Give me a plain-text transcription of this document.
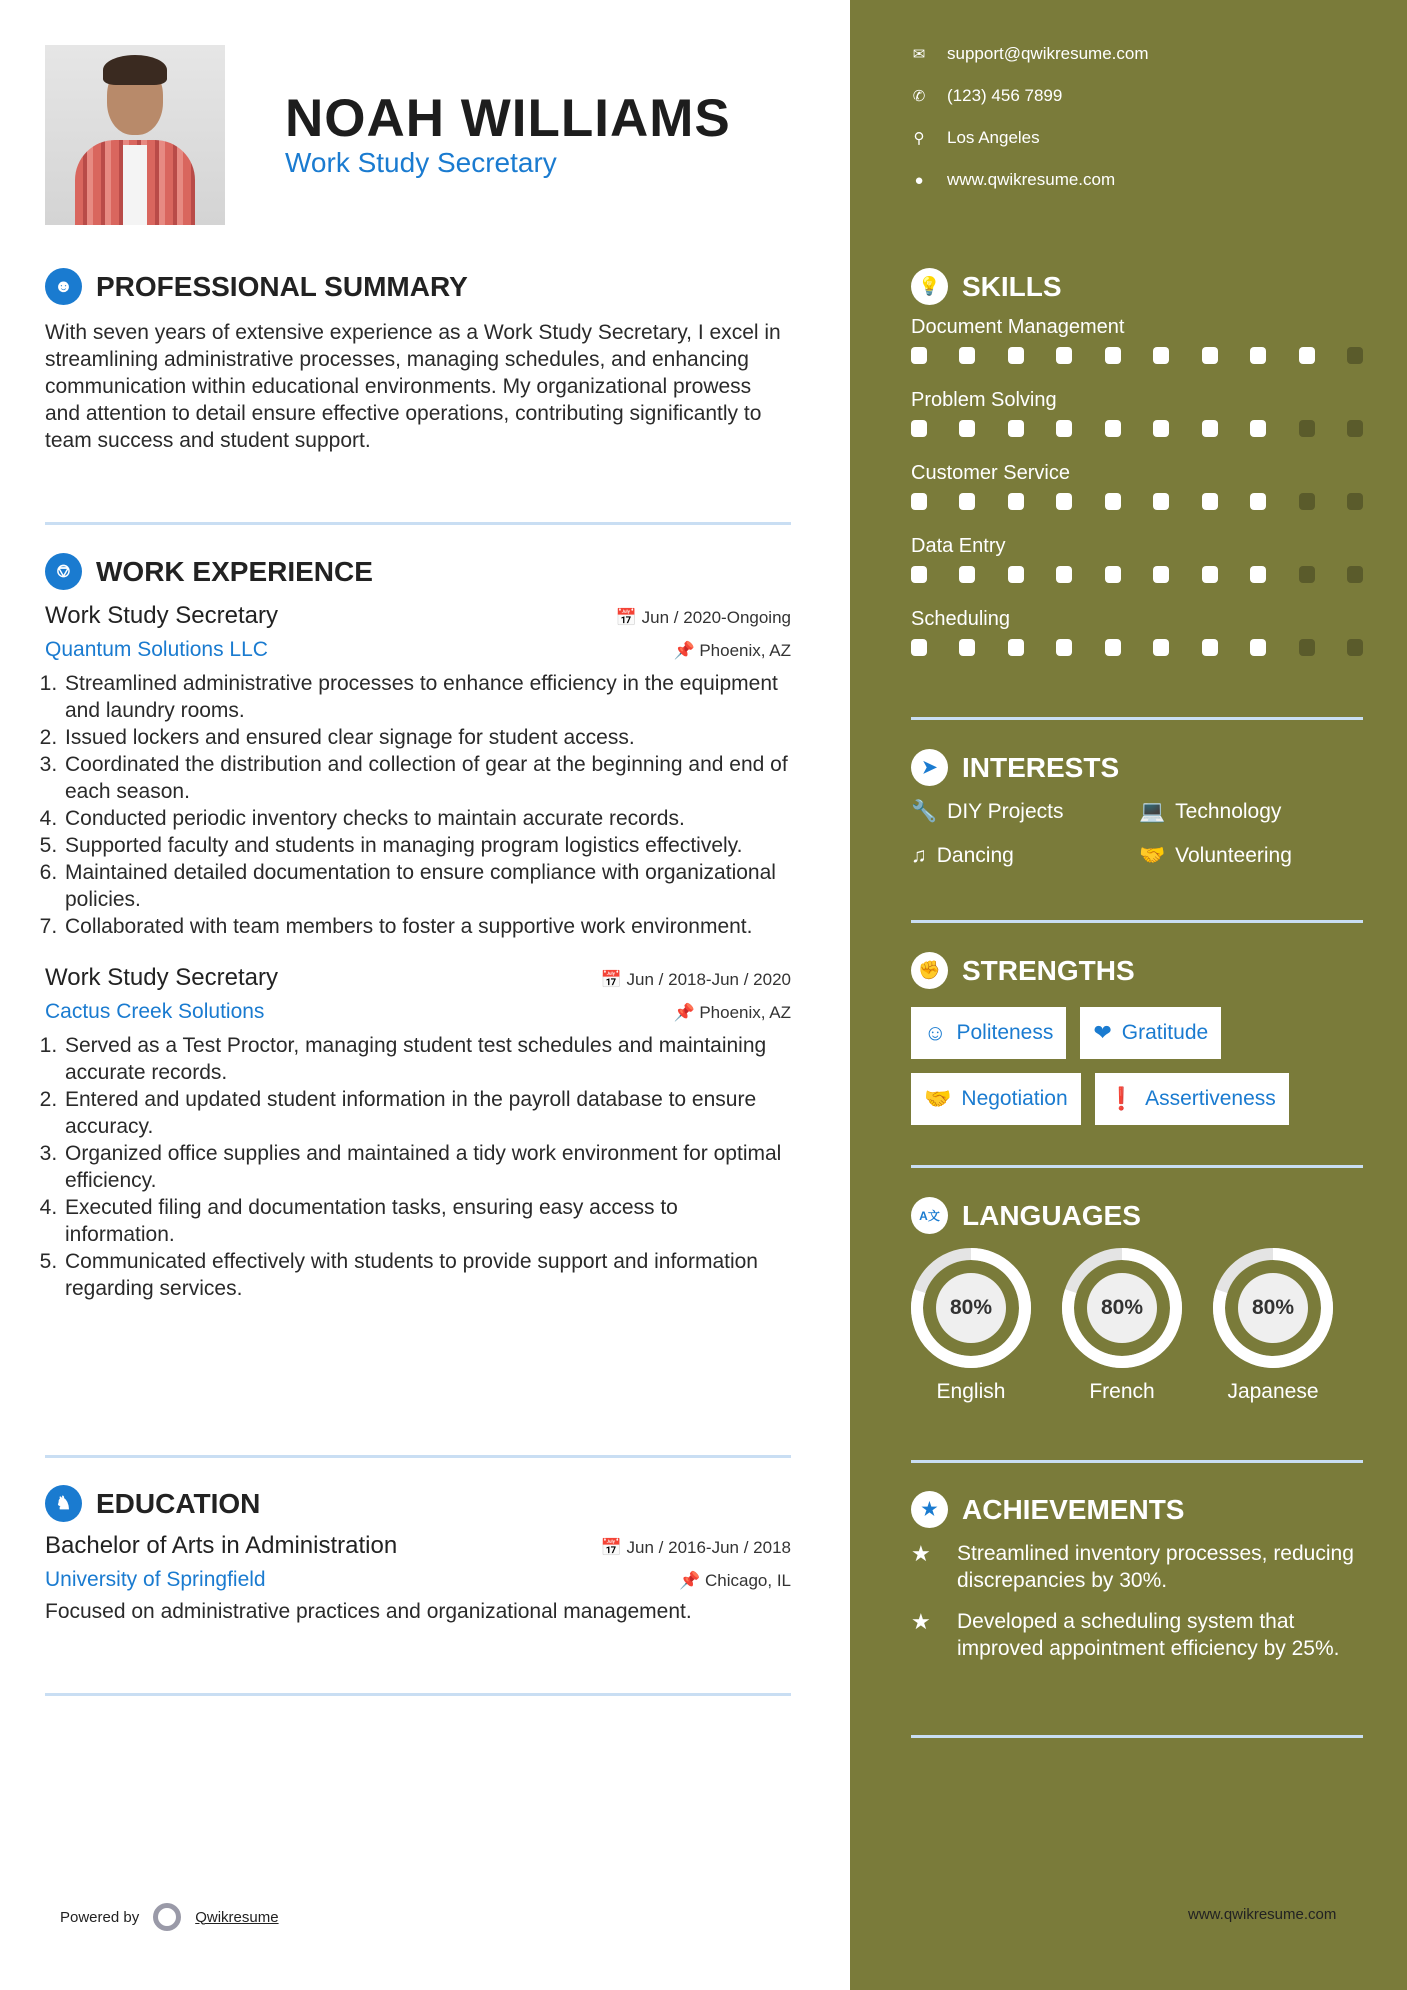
NOAH WILLIAMS
Work Study Secretary
☻ PROFESSIONAL SUMMARY

With seven years of extensive experience as a Work Study Secretary, I excel in streamlining administrative processes, managing schedules, and enhancing communication within educational environments. My organizational prowess and attention to detail ensure effective operations, contributing significantly to team success and student support.

⎊ WORK EXPERIENCE
Work Study Secretary	📅 Jun / 2020-Ongoing
Quantum Solutions LLC	📌 Phoenix, AZ
1. Streamlined administrative processes to enhance efficiency in the equipment and laundry rooms.
2. Issued lockers and ensured clear signage for student access.
3. Coordinated the distribution and collection of gear at the beginning and end of each season.
4. Conducted periodic inventory checks to maintain accurate records.
5. Supported faculty and students in managing program logistics effectively.
6. Maintained detailed documentation to ensure compliance with organizational policies.
7. Collaborated with team members to foster a supportive work environment.
Work Study Secretary	📅 Jun / 2018-Jun / 2020
Cactus Creek Solutions	📌 Phoenix, AZ
1. Served as a Test Proctor, managing student test schedules and maintaining accurate records.
2. Entered and updated student information in the payroll database to ensure accuracy.
3. Organized office supplies and maintained a tidy work environment for optimal efficiency.
4. Executed filing and documentation tasks, ensuring easy access to information.
5. Communicated effectively with students to provide support and information regarding services.
♞ EDUCATION
Bachelor of Arts in Administration	📅 Jun / 2016-Jun / 2018
University of Springfield	📌 Chicago, IL

Focused on administrative practices and organizational management.

Powered by	Qwikresume
✉ support@qwikresume.com
✆ (123) 456 7899
⚲ Los Angeles
● www.qwikresume.com
💡 SKILLS
Document Management
Problem Solving
Customer Service
Data Entry
Scheduling
➤ INTERESTS
🔧 DIY Projects	💻 Technology
♫ Dancing	🤝 Volunteering
✊ STRENGTHS
☺ Politeness ❤ Gratitude
🤝 Negotiation ❗ Assertiveness
A文 LANGUAGES
80%
English
80%
French
80%
Japanese
★ ACHIEVEMENTS
★	Streamlined inventory processes, reducing discrepancies by 30%.
★	Developed a scheduling system that improved appointment efficiency by 25%.
www.qwikresume.com
